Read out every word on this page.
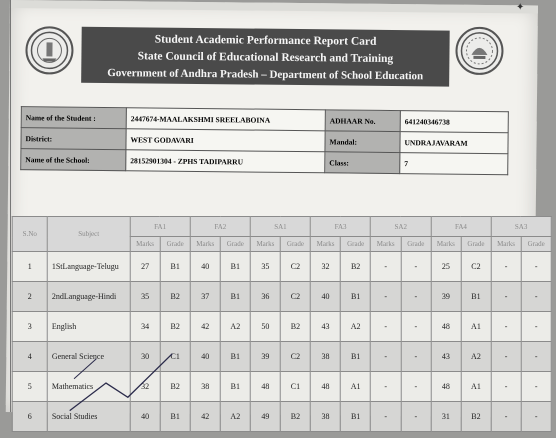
Student Academic Performance Report Card
State Council of Educational Research and Training
Government of Andhra Pradesh – Department of School Education
Name of the Student :	2447674-MAALAKSHMI SREELABOINA	ADHAAR No.	641240346738
District:	WEST GODAVARI	Mandal:	UNDRAJAVARAM
Name of the School:	28152901304 - ZPHS TADIPARRU	Class:	7
S.No	Subject	FA1		FA2		SA1		FA3		SA2		FA4		SA3	
		Marks	Grade	Marks	Grade	Marks	Grade	Marks	Grade	Marks	Grade	Marks	Grade	Marks	Grade
1	1StLanguage-Telugu	27	B1	40	B1	35	C2	32	B2	-	-	25	C2	-	-
2	2ndLanguage-Hindi	35	B2	37	B1	36	C2	40	B1	-	-	39	B1	-	-
3	English	34	B2	42	A2	50	B2	43	A2	-	-	48	A1	-	-
4	General Science	30	C1	40	B1	39	C2	38	B1	-	-	43	A2	-	-
5	Mathematics	32	B2	38	B1	48	C1	48	A1	-	-	48	A1	-	-
6	Social Studies	40	B1	42	A2	49	B2	38	B1	-	-	31	B2	-	-
✦
